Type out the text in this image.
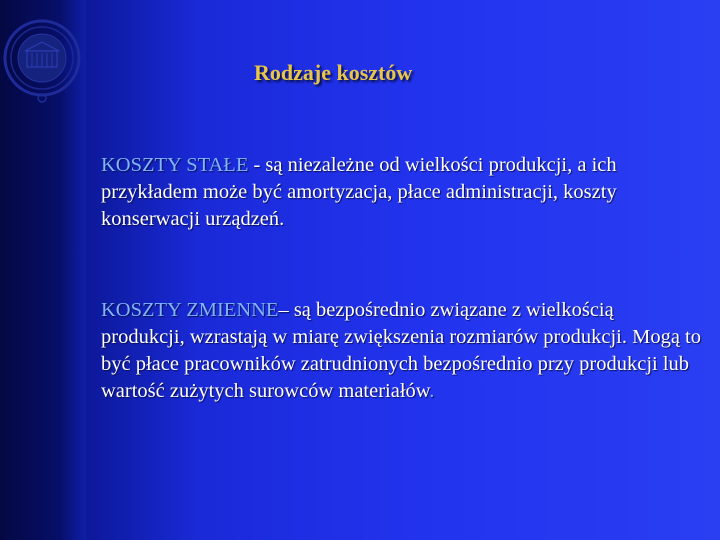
Rodzaje kosztów
KOSZTY STAŁE - są niezależne od wielkości produkcji, a ich przykładem może być amortyzacja, płace administracji, koszty konserwacji urządzeń.
KOSZTY ZMIENNE– są bezpośrednio związane z wielkością produkcji, wzrastają w miarę zwiększenia rozmiarów produkcji. Mogą to być płace pracowników zatrudnionych bezpośrednio przy produkcji lub wartość zużytych surowców materiałów.
